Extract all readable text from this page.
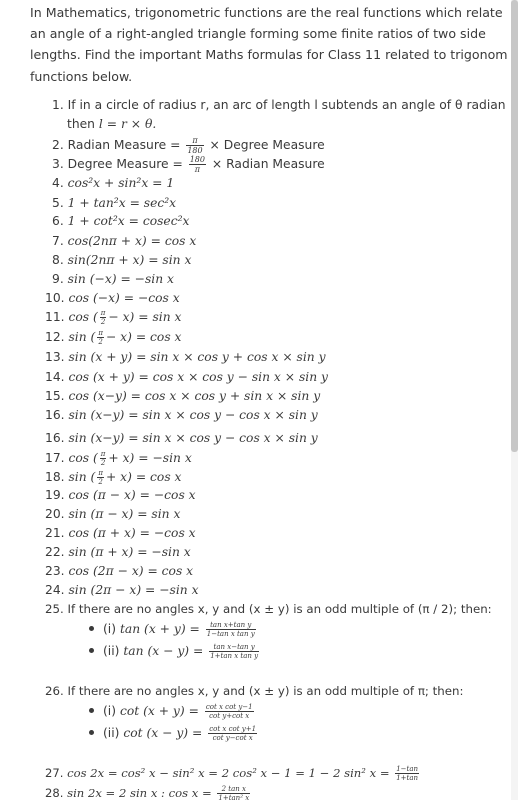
In Mathematics, trigonometric functions are the real functions which relate
an angle of a right-angled triangle forming some finite ratios of two side
lengths. Find the important Maths formulas for Class 11 related to trigonom
functions below.
1. If in a circle of radius r, an arc of length l subtends an angle of θ radian
then l = r × θ.
2. Radian Measure = $\frac{\pi}{180}$ × Degree Measure
3. Degree Measure = $\frac{180}{\pi}$ × Radian Measure
4. cos²x + sin²x = 1
5. 1 + tan²x = sec²x
6. 1 + cot²x = cosec²x
7. cos(2nπ + x) = cos x
8. sin(2nπ + x) = sin x
9. sin (−x) = −sin x
10. cos (−x) = −cos x
11. cos ( $\frac{\pi}{2} - x) = \sin x$
12. sin ( $\frac{\pi}{2} - x) = \cos x$
13. sin (x + y) = sin x × cos y + cos x × sin y
14. cos (x + y) = cos x × cos y − sin x × sin y
15. cos (x−y) = cos x × cos y + sin x × sin y
16. sin (x−y) = sin x × cos y − cos x × sin y
16. sin (x−y) = sin x × cos y − cos x × sin y
17. cos ( $\frac{\pi}{2} + x) = -\sin$ x
18. sin ( $\frac{\pi}{2} + x) = \cos x$
19. cos (π − x) = −cos x
20. sin (π − x) = sin x
21. cos (π + x) = −cos x
22. sin (π + x) = −sin x
23. cos (2π − x) = cos x
24. sin (2π − x) = −sin x
25. If there are no angles x, y and (x ± y) is an odd multiple of (π / 2); then:
(i) $\tan (x + y) = \frac{\text{tan x+tan y}}{\text{1−tan x tan y}}$
(ii) $\tan (x - y) = \frac{\text{tan x−tan y}}{\text{1+tan x tan y}}$
26. If there are no angles x, y and (x ± y) is an odd multiple of π; then:
(i) $\cot (x + y) = \frac{\text{cot x cot y−1}}{\text{cot y+cot x}}$
(ii) $\cot (x - y) = \frac{\text{cot x cot y+1}}{\text{cot y−cot x}}$
27. cos 2x = cos² x − sin² x = 2 cos² x − 1 = 1 − 2 sin² $x = \frac{1-\tan}{1+\tan}$
28. sin 2x = 2 sin x : $\cos x = \frac{\text{2 tan x}}{\text{1+tan² x}}$
